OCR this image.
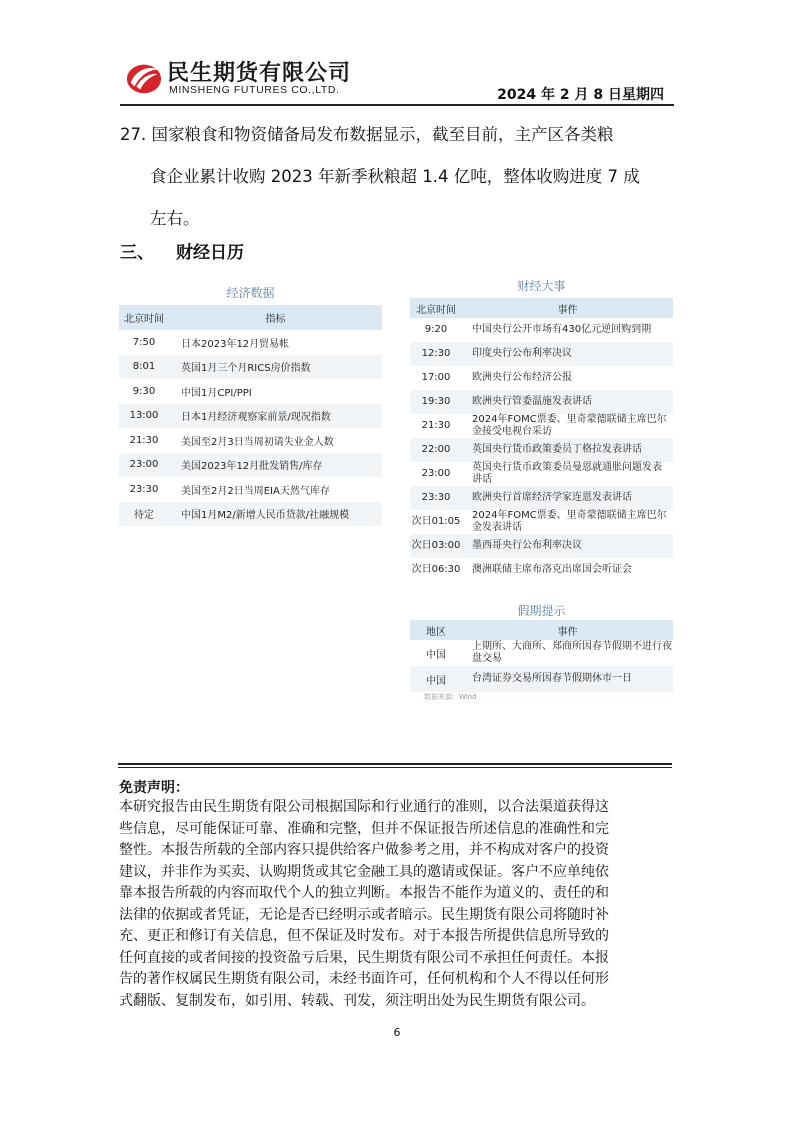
民生期货有限公司
MINSHENG FUTURES CO.,LTD.	2024 年 2 月 8 日星期四
27. 国家粮食和物资储备局发布数据显示，截至目前，主产区各类粮
食企业累计收购 2023 年新季秋粮超 1.4 亿吨，整体收购进度 7 成
左右。
三、 财经日历
经济数据
北京时间	指标
7:50	日本2023年12月贸易帐
8:01	英国1月三个月RICS房价指数
9:30	中国1月CPI/PPI
13:00	日本1月经济观察家前景/现况指数
21:30	美国至2月3日当周初请失业金人数
23:00	美国2023年12月批发销售/库存
23:30	美国至2月2日当周EIA天然气库存
待定	中国1月M2/新增人民币贷款/社融规模
财经大事
北京时间	事件
9:20	中国央行公开市场有430亿元逆回购到期
12:30	印度央行公布利率决议
17:00	欧洲央行公布经济公报
19:30	欧洲央行管委温施发表讲话
21:30	2024年FOMC票委、里奇蒙德联储主席巴尔金接受电视台采访
22:00	英国央行货币政策委员丁格拉发表讲话
23:00	英国央行货币政策委员曼恩就通胀问题发表讲话
23:30	欧洲央行首席经济学家连恩发表讲话
次日01:05	2024年FOMC票委、里奇蒙德联储主席巴尔金发表讲话
次日03:00	墨西哥央行公布利率决议
次日06:30	澳洲联储主席布洛克出席国会听证会
假期提示
地区	事件
中国	上期所、大商所、郑商所因春节假期不进行夜盘交易
中国	台湾证券交易所因春节假期休市一日
数据来源：Wind
免责声明：
本研究报告由民生期货有限公司根据国际和行业通行的准则，以合法渠道获得这
些信息，尽可能保证可靠、准确和完整，但并不保证报告所述信息的准确性和完
整性。本报告所载的全部内容只提供给客户做参考之用，并不构成对客户的投资
建议，并非作为买卖、认购期货或其它金融工具的邀请或保证。客户不应单纯依
靠本报告所载的内容而取代个人的独立判断。本报告不能作为道义的、责任的和
法律的依据或者凭证，无论是否已经明示或者暗示。民生期货有限公司将随时补
充、更正和修订有关信息，但不保证及时发布。对于本报告所提供信息所导致的
任何直接的或者间接的投资盈亏后果，民生期货有限公司不承担任何责任。本报
告的著作权属民生期货有限公司，未经书面许可，任何机构和个人不得以任何形
式翻版、复制发布，如引用、转载、刊发，须注明出处为民生期货有限公司。
6
